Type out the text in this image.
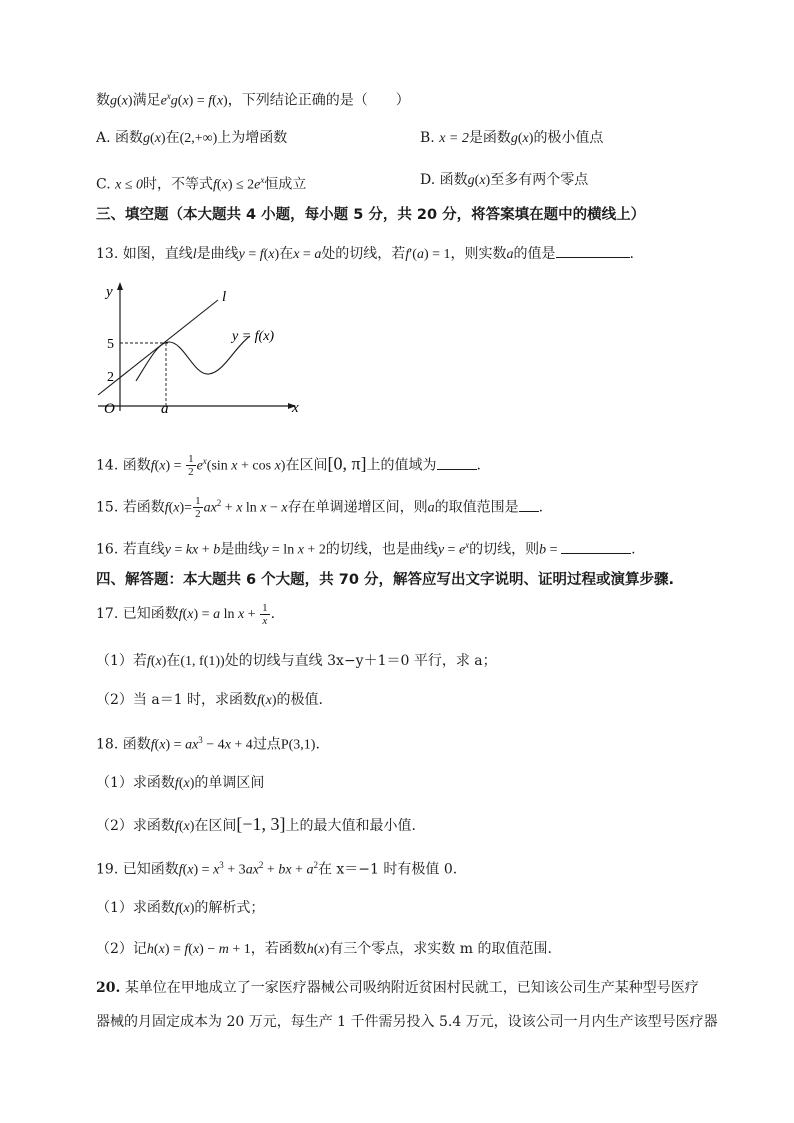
数g(x)满足$e^xg(x) = f(x)$，下列结论正确的是（　　）
A. 函数g(x)在(2,+∞)上为增函数	B. x = 2是函数g(x)的极小值点
C. x ≤ 0时，不等式$f(x) \le 2e^x$恒成立	D. 函数g(x)至多有两个零点
三、填空题（本大题共 4 小题，每小题 5 分，共 20 分，将答案填在题中的横线上）
13. 如图，直线l是曲线y = f(x)在x = a处的切线，若f′(a) = 1，则实数a的值是	.
y
x
O
5
2
a
l
y = f(x)
14. 函数$f(x) = \frac{1}{2} e^x(\sin$ x + cos x)在区间[0, π]上的值域为	.
15. 若函数$f(x)= \frac{1}{2} ax^2 + x$ ln x − x存在单调递增区间，则a的取值范围是 .
16. 若直线y = kx + b是曲线y = ln x + 2的切线，也是曲线$y = e^x$的切线，则b =	.
四、解答题：本大题共 6 个大题，共 70 分，解答应写出文字说明、证明过程或演算步骤.
17. 已知函数f(x) = a $\ln x + \frac{1}{x}$ .
（1）若f(x)在(1, f(1))处的切线与直线 3x−y＋1＝0 平行，求 a；
（2）当 a＝1 时，求函数f(x)的极值.
18. 函数$f(x) = ax^3 - 4x + 4$过点P(3,1).
（1）求函数f(x)的单调区间
（2）求函数f(x)在区间[−1, 3]上的最大值和最小值.
19. 已知函数$f(x) = x^3 + 3ax^2$ + bx + $a^2$在 x＝−1 时有极值 0.
（1）求函数f(x)的解析式；
（2）记h(x) = f(x) − m + 1，若函数h(x)有三个零点，求实数 m 的取值范围.
20. 某单位在甲地成立了一家医疗器械公司吸纳附近贫困村民就工，已知该公司生产某种型号医疗
器械的月固定成本为 20 万元，每生产 1 千件需另投入 5.4 万元，设该公司一月内生产该型号医疗器
